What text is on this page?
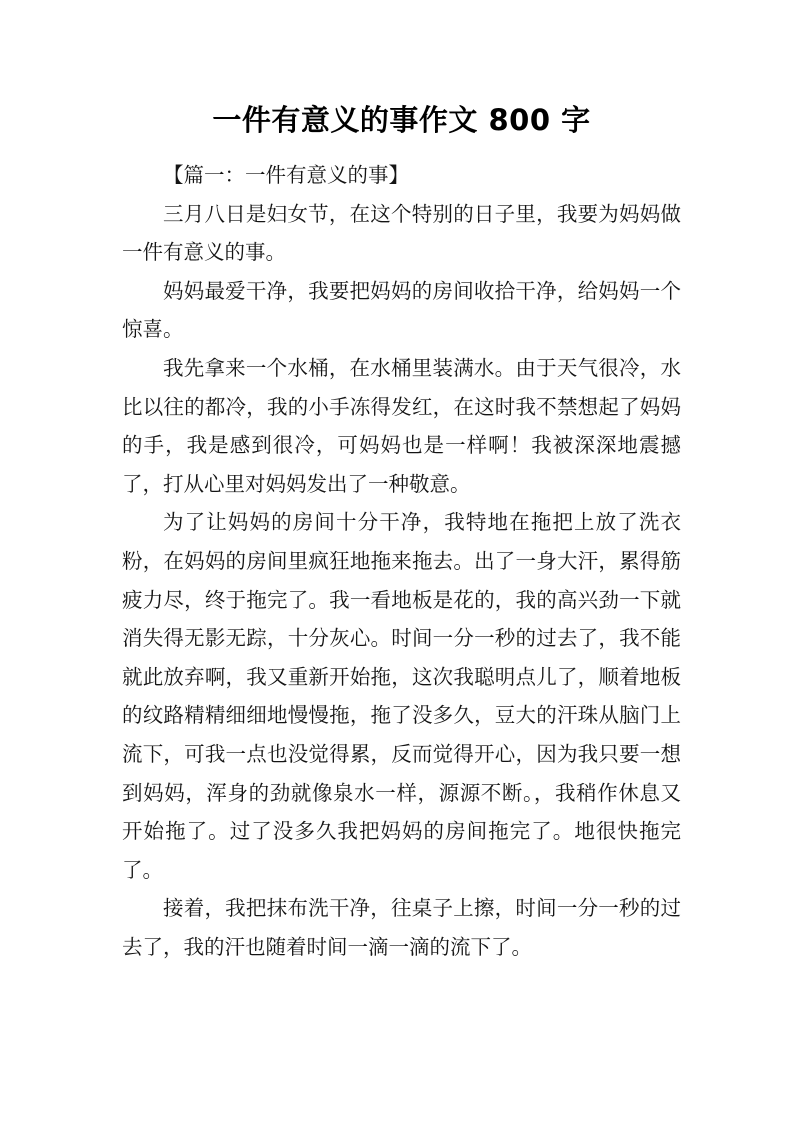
一件有意义的事作文 800 字

【篇一：一件有意义的事】

三月八日是妇女节，在这个特别的日子里，我要为妈妈做一件有意义的事。

妈妈最爱干净，我要把妈妈的房间收拾干净，给妈妈一个惊喜。

我先拿来一个水桶，在水桶里装满水。由于天气很冷，水比以往的都冷，我的小手冻得发红，在这时我不禁想起了妈妈的手，我是感到很冷，可妈妈也是一样啊！我被深深地震撼了，打从心里对妈妈发出了一种敬意。

为了让妈妈的房间十分干净，我特地在拖把上放了洗衣粉，在妈妈的房间里疯狂地拖来拖去。出了一身大汗，累得筋疲力尽，终于拖完了。我一看地板是花的，我的高兴劲一下就消失得无影无踪，十分灰心。时间一分一秒的过去了，我不能就此放弃啊，我又重新开始拖，这次我聪明点儿了，顺着地板的纹路精精细细地慢慢拖，拖了没多久，豆大的汗珠从脑门上流下，可我一点也没觉得累，反而觉得开心，因为我只要一想到妈妈，浑身的劲就像泉水一样，源源不断。，我稍作休息又开始拖了。过了没多久我把妈妈的房间拖完了。地很快拖完了。

接着，我把抹布洗干净，往桌子上擦，时间一分一秒的过去了，我的汗也随着时间一滴一滴的流下了。
